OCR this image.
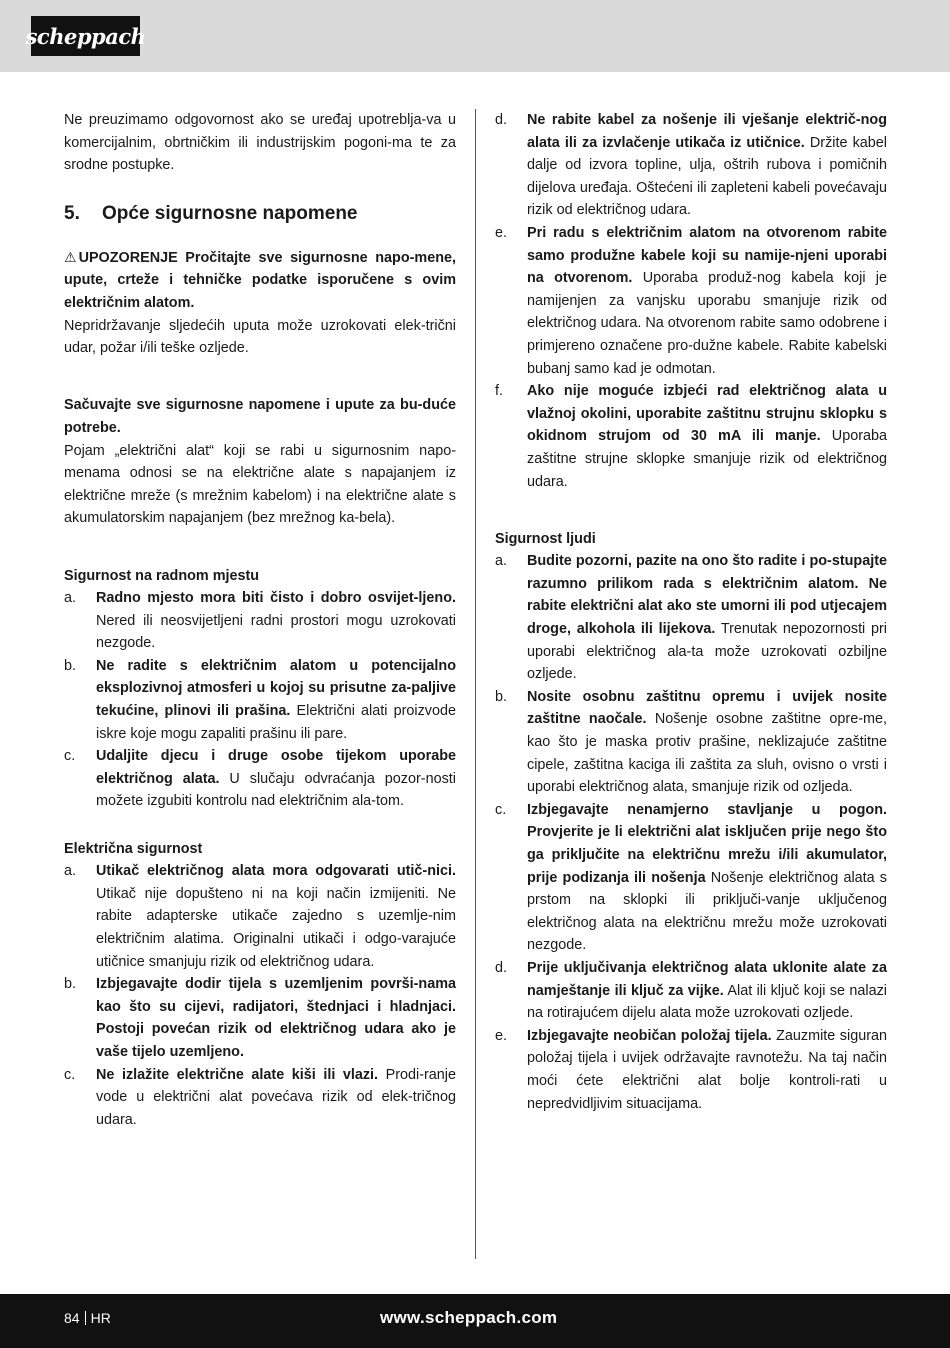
scheppach

Ne preuzimamo odgovornost ako se uređaj upotreblja-va u komercijalnim, obrtničkim ili industrijskim pogoni-ma te za srodne postupke.

5.	Opće sigurnosne napomene

⚠ UPOZORENJE Pročitajte sve sigurnosne napo-mene, upute, crteže i tehničke podatke isporučene s ovim električnim alatom.

Nepridržavanje sljedećih uputa može uzrokovati elek-trični udar, požar i/ili teške ozljede.

Sačuvajte sve sigurnosne napomene i upute za bu-duće potrebe.

Pojam „električni alat“ koji se rabi u sigurnosnim napo-menama odnosi se na električne alate s napajanjem iz električne mreže (s mrežnim kabelom) i na električne alate s akumulatorskim napajanjem (bez mrežnog ka-bela).

Sigurnost na radnom mjestu

a.	Radno mjesto mora biti čisto i dobro osvijet-ljeno. Nered ili neosvijetljeni radni prostori mogu uzrokovati nezgode.
b.	Ne radite s električnim alatom u potencijalno eksplozivnoj atmosferi u kojoj su prisutne za-paljive tekućine, plinovi ili prašina. Električni alati proizvode iskre koje mogu zapaliti prašinu ili pare.
c.	Udaljite djecu i druge osobe tijekom uporabe električnog alata. U slučaju odvraćanja pozor-nosti možete izgubiti kontrolu nad električnim ala-tom.

Električna sigurnost

a.	Utikač električnog alata mora odgovarati utič-nici. Utikač nije dopušteno ni na koji način izmijeniti. Ne rabite adapterske utikače zajedno s uzemlje-nim električnim alatima. Originalni utikači i odgo-varajuće utičnice smanjuju rizik od električnog udara.
b.	Izbjegavajte dodir tijela s uzemljenim površi-nama kao što su cijevi, radijatori, štednjaci i hladnjaci. Postoji povećan rizik od električnog udara ako je vaše tijelo uzemljeno.
c.	Ne izlažite električne alate kiši ili vlazi. Prodi-ranje vode u električni alat povećava rizik od elek-tričnog udara.
d.	Ne rabite kabel za nošenje ili vješanje električ-nog alata ili za izvlačenje utikača iz utičnice. Držite kabel dalje od izvora topline, ulja, oštrih rubova i pomičnih dijelova uređaja. Oštećeni ili zapleteni kabeli povećavaju rizik od električnog udara.
e.	Pri radu s električnim alatom na otvorenom rabite samo produžne kabele koji su namije-njeni uporabi na otvorenom. Uporaba produž-nog kabela koji je namijenjen za vanjsku uporabu smanjuje rizik od električnog udara. Na otvorenom rabite samo odobrene i primjereno označene pro-dužne kabele. Rabite kabelski bubanj samo kad je odmotan.
f.	Ako nije moguće izbjeći rad električnog alata u vlažnoj okolini, uporabite zaštitnu strujnu sklopku s okidnom strujom od 30 mA ili manje. Uporaba zaštitne strujne sklopke smanjuje rizik od električnog udara.

Sigurnost ljudi

a.	Budite pozorni, pazite na ono što radite i po-stupajte razumno prilikom rada s električnim alatom. Ne rabite električni alat ako ste umorni ili pod utjecajem droge, alkohola ili lijekova. Trenutak nepozornosti pri uporabi električnog ala-ta može uzrokovati ozbiljne ozljede.
b.	Nosite osobnu zaštitnu opremu i uvijek nosite zaštitne naočale. Nošenje osobne zaštitne opre-me, kao što je maska protiv prašine, neklizajuće zaštitne cipele, zaštitna kaciga ili zaštita za sluh, ovisno o vrsti i uporabi električnog alata, smanjuje rizik od ozljeda.
c.	Izbjegavajte nenamjerno stavljanje u pogon. Provjerite je li električni alat isključen prije nego što ga priključite na električnu mrežu i/ili akumulator, prije podizanja ili nošenja Nošenje električnog alata s prstom na sklopki ili priključi-vanje uključenog električnog alata na električnu mrežu može uzrokovati nezgode.
d.	Prije uključivanja električnog alata uklonite alate za namještanje ili ključ za vijke. Alat ili ključ koji se nalazi na rotirajućem dijelu alata može uzrokovati ozljede.
e.	Izbjegavajte neobičan položaj tijela. Zauzmite siguran položaj tijela i uvijek održavajte ravnotežu. Na taj način moći ćete električni alat bolje kontroli-rati u nepredvidljivim situacijama.
84 HR	www.scheppach.com
